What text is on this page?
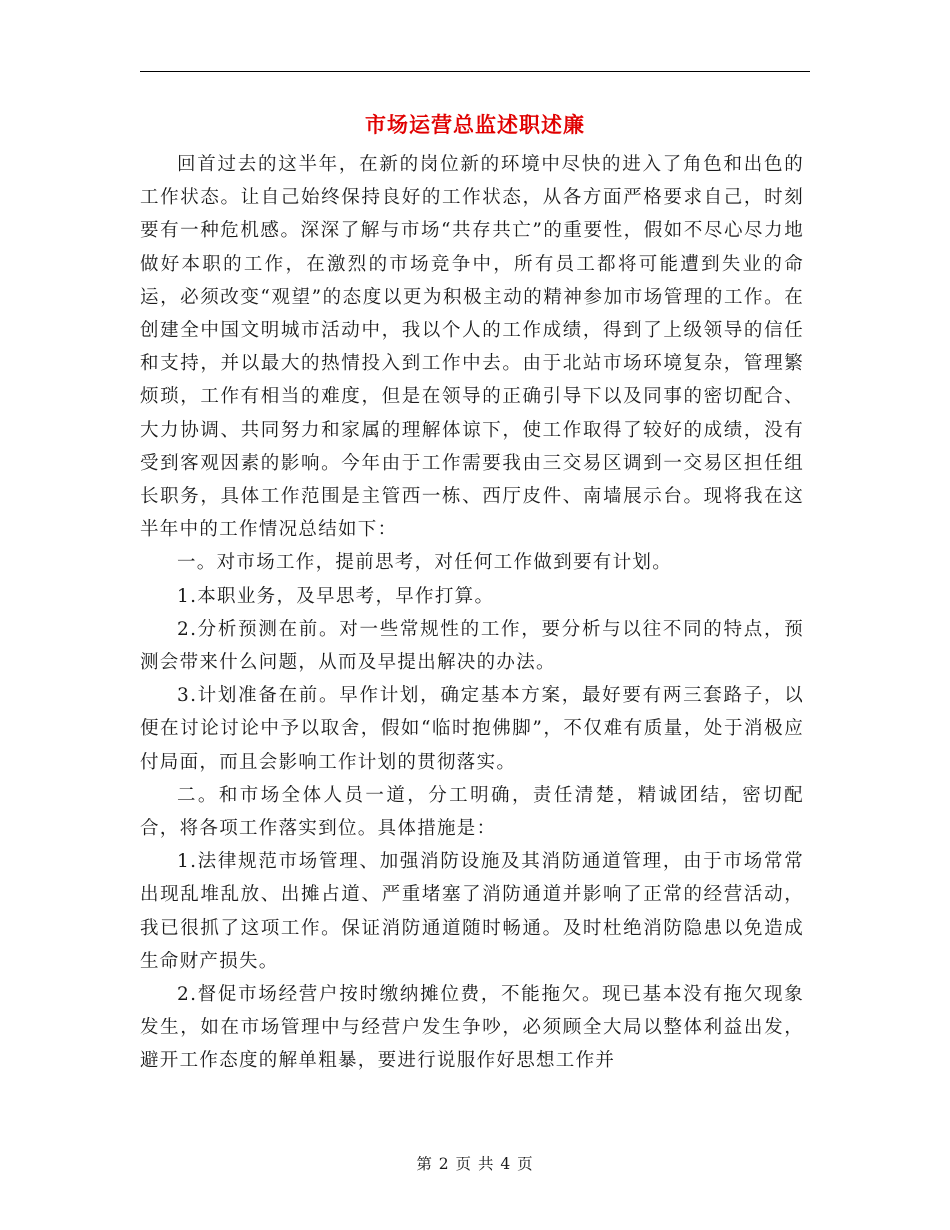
市场运营总监述职述廉

回首过去的这半年，在新的岗位新的环境中尽快的进入了角色和出色的工作状态。让自己始终保持良好的工作状态，从各方面严格要求自己，时刻要有一种危机感。深深了解与市场“共存共亡”的重要性，假如不尽心尽力地做好本职的工作，在激烈的市场竞争中，所有员工都将可能遭到失业的命运，必须改变“观望”的态度以更为积极主动的精神参加市场管理的工作。在创建全中国文明城市活动中，我以个人的工作成绩，得到了上级领导的信任和支持，并以最大的热情投入到工作中去。由于北站市场环境复杂，管理繁烦琐，工作有相当的难度，但是在领导的正确引导下以及同事的密切配合、大力协调、共同努力和家属的理解体谅下，使工作取得了较好的成绩，没有受到客观因素的影响。今年由于工作需要我由三交易区调到一交易区担任组长职务，具体工作范围是主管西一栋、西厅皮件、南墙展示台。现将我在这半年中的工作情况总结如下：

一。对市场工作，提前思考，对任何工作做到要有计划。

1.本职业务，及早思考，早作打算。

2.分析预测在前。对一些常规性的工作，要分析与以往不同的特点，预测会带来什么问题，从而及早提出解决的办法。

3.计划准备在前。早作计划，确定基本方案，最好要有两三套路子，以便在讨论讨论中予以取舍，假如“临时抱佛脚”，不仅难有质量，处于消极应付局面，而且会影响工作计划的贯彻落实。

二。和市场全体人员一道，分工明确，责任清楚，精诚团结，密切配合，将各项工作落实到位。具体措施是：

1.法律规范市场管理、加强消防设施及其消防通道管理，由于市场常常出现乱堆乱放、出摊占道、严重堵塞了消防通道并影响了正常的经营活动，我已很抓了这项工作。保证消防通道随时畅通。及时杜绝消防隐患以免造成生命财产损失。

2.督促市场经营户按时缴纳摊位费，不能拖欠。现已基本没有拖欠现象发生，如在市场管理中与经营户发生争吵，必须顾全大局以整体利益出发，避开工作态度的解单粗暴，要进行说服作好思想工作并

第 2 页 共 4 页
